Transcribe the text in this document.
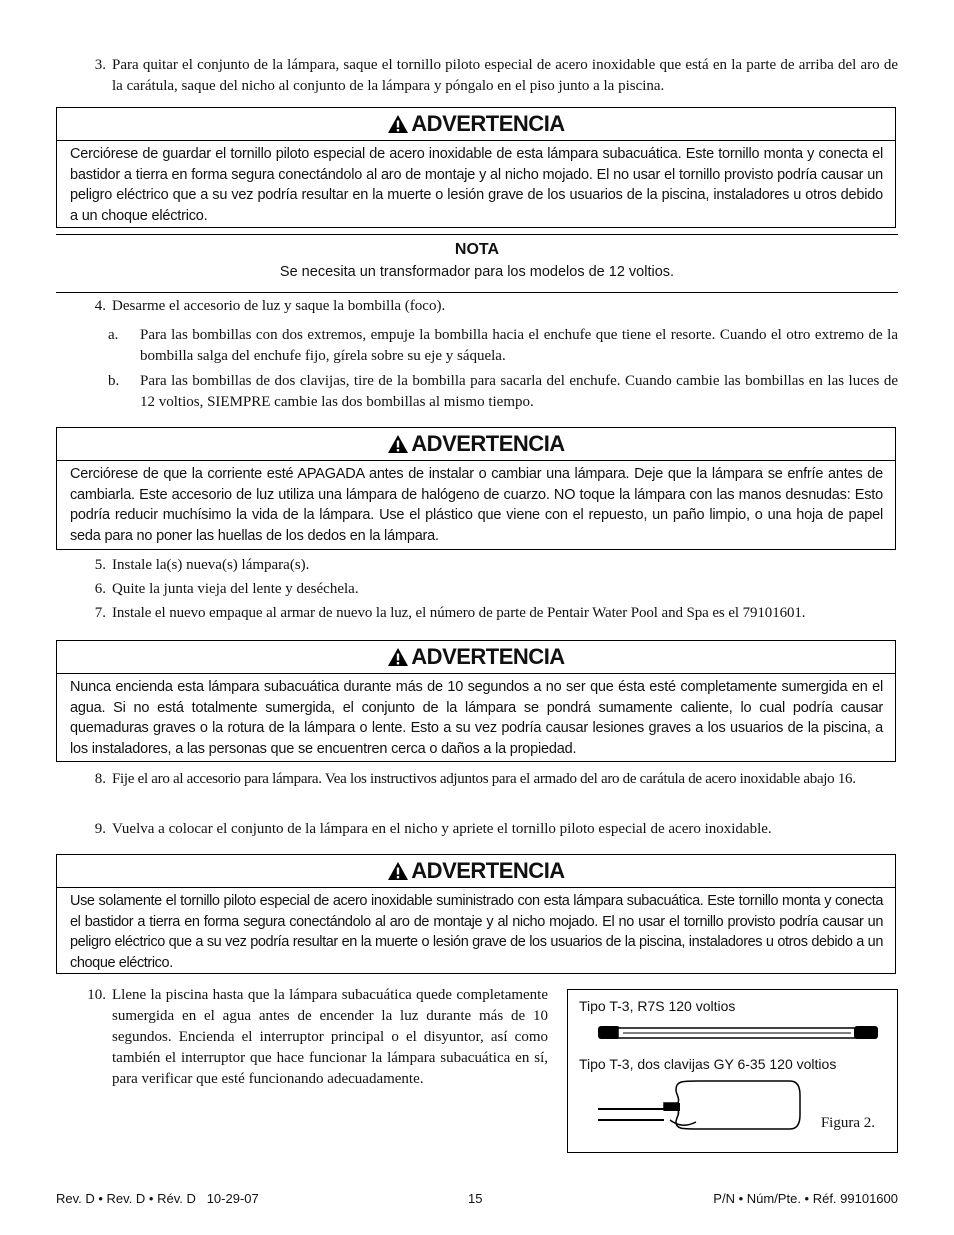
3. Para quitar el conjunto de la lámpara, saque el tornillo piloto especial de acero inoxidable que está en la parte de arriba del aro de la carátula, saque del nicho al conjunto de la lámpara y póngalo en el piso junto a la piscina.
ADVERTENCIA
Cerciórese de guardar el tornillo piloto especial de acero inoxidable de esta lámpara subacuática. Este tornillo monta y conecta el bastidor a tierra en forma segura conectándolo al aro de montaje y al nicho mojado. El no usar el tornillo provisto podría causar un peligro eléctrico que a su vez podría resultar en la muerte o lesión grave de los usuarios de la piscina, instaladores u otros debido a un choque eléctrico.
NOTA
Se necesita un transformador para los modelos de 12 voltios.
4. Desarme el accesorio de luz y saque la bombilla (foco).
a.	Para las bombillas con dos extremos, empuje la bombilla hacia el enchufe que tiene el resorte. Cuando el otro extremo de la bombilla salga del enchufe fijo, gírela sobre su eje y sáquela.
b.	Para las bombillas de dos clavijas, tire de la bombilla para sacarla del enchufe. Cuando cambie las bombillas en las luces de 12 voltios, SIEMPRE cambie las dos bombillas al mismo tiempo.
ADVERTENCIA
Cerciórese de que la corriente esté APAGADA antes de instalar o cambiar una lámpara. Deje que la lámpara se enfríe antes de cambiarla. Este accesorio de luz utiliza una lámpara de halógeno de cuarzo. NO toque la lámpara con las manos desnudas: Esto podría reducir muchísimo la vida de la lámpara. Use el plástico que viene con el repuesto, un paño limpio, o una hoja de papel seda para no poner las huellas de los dedos en la lámpara.
5. Instale la(s) nueva(s) lámpara(s).
6. Quite la junta vieja del lente y deséchela.
7. Instale el nuevo empaque al armar de nuevo la luz, el número de parte de Pentair Water Pool and Spa es el 79101601.
ADVERTENCIA
Nunca encienda esta lámpara subacuática durante más de 10 segundos a no ser que ésta esté completamente sumergida en el agua. Si no está totalmente sumergida, el conjunto de la lámpara se pondrá sumamente caliente, lo cual podría causar quemaduras graves o la rotura de la lámpara o lente. Esto a su vez podría causar lesiones graves a los usuarios de la piscina, a los instaladores, a las personas que se encuentren cerca o daños a la propiedad.
8. Fije el aro al accesorio para lámpara. Vea los instructivos adjuntos para el armado del aro de carátula de acero inoxidable abajo 16.
9. Vuelva a colocar el conjunto de la lámpara en el nicho y apriete el tornillo piloto especial de acero inoxidable.
ADVERTENCIA
Use solamente el tornillo piloto especial de acero inoxidable suministrado con esta lámpara subacuática. Este tornillo monta y conecta el bastidor a tierra en forma segura conectándolo al aro de montaje y al nicho mojado. El no usar el tornillo provisto podría causar un peligro eléctrico que a su vez podría resultar en la muerte o lesión grave de los usuarios de la piscina, instaladores u otros debido a un choque eléctrico.
10. Llene la piscina hasta que la lámpara subacuática quede completamente sumergida en el agua antes de encender la luz durante más de 10 segundos. Encienda el interruptor principal o el disyuntor, así como también el interruptor que hace funcionar la lámpara subacuática en sí, para verificar que esté funcionando adecuadamente.
Tipo T-3, R7S 120 voltios
Tipo T-3, dos clavijas GY 6-35 120 voltios
Figura 2.
Rev. D • Rev. D • Rév. D 10-29-07	15	P/N • Núm/Pte. • Réf. 99101600
